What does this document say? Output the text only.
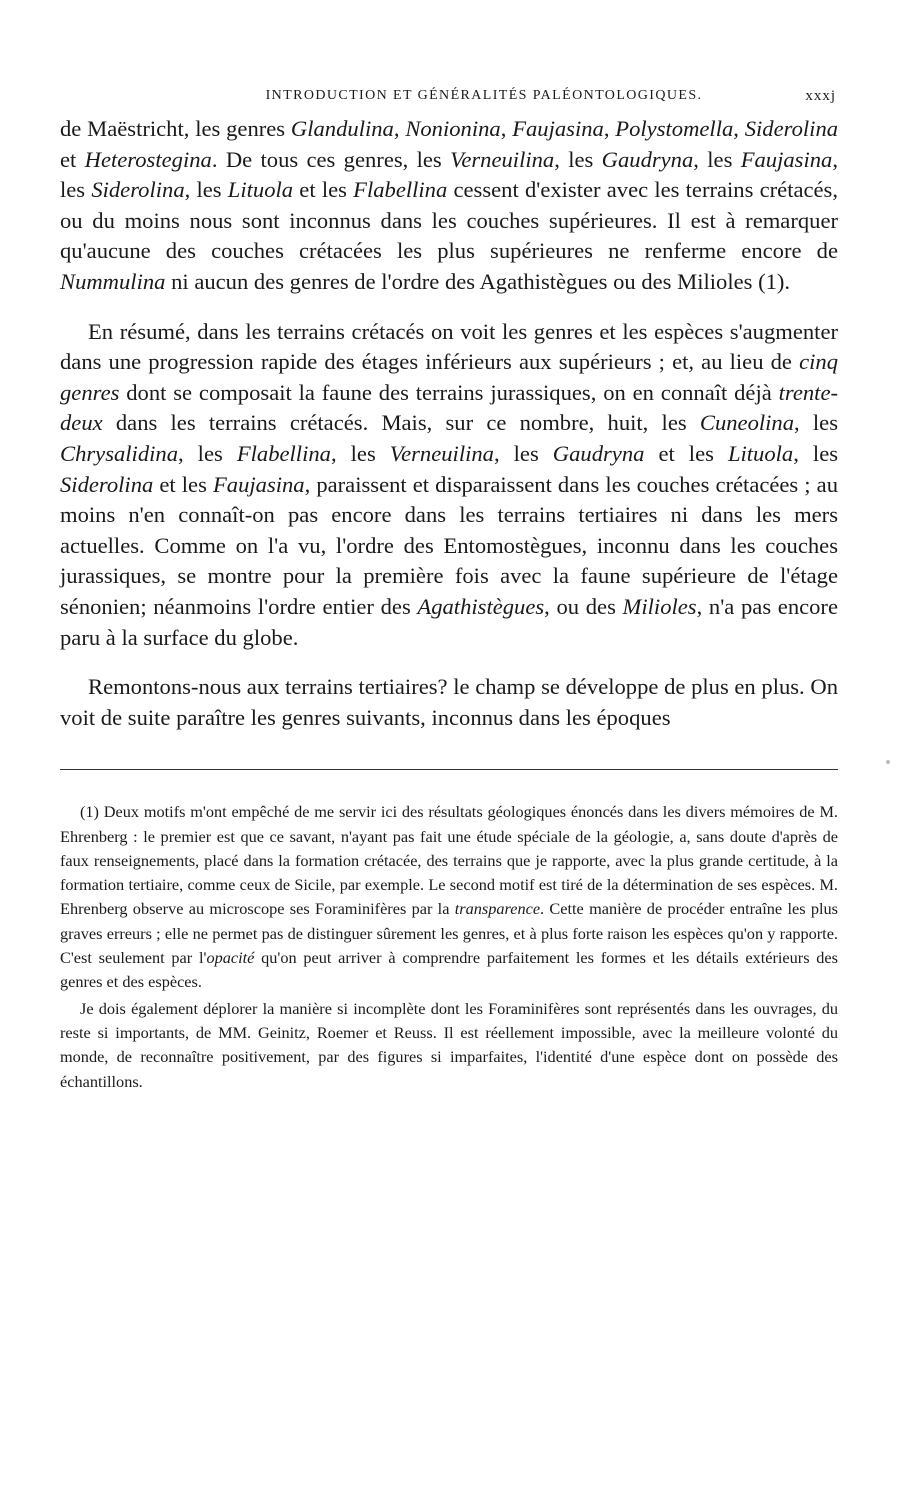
INTRODUCTION ET GÉNÉRALITÉS PALÉONTOLOGIQUES.	xxxj

de Maëstricht, les genres Glandulina, Nonionina, Faujasina, Polystomella, Siderolina et Heterostegina. De tous ces genres, les Verneuilina, les Gaudryna, les Faujasina, les Siderolina, les Lituola et les Flabellina cessent d'exister avec les terrains crétacés, ou du moins nous sont inconnus dans les couches supérieures. Il est à remarquer qu'aucune des couches crétacées les plus supérieures ne renferme encore de Nummulina ni aucun des genres de l'ordre des Agathistègues ou des Milioles (1).

En résumé, dans les terrains crétacés on voit les genres et les espèces s'augmenter dans une progression rapide des étages inférieurs aux supérieurs ; et, au lieu de cinq genres dont se composait la faune des terrains jurassiques, on en connaît déjà trente-deux dans les terrains crétacés. Mais, sur ce nombre, huit, les Cuneolina, les Chrysalidina, les Flabellina, les Verneuilina, les Gaudryna et les Lituola, les Siderolina et les Faujasina, paraissent et disparaissent dans les couches crétacées ; au moins n'en connaît-on pas encore dans les terrains tertiaires ni dans les mers actuelles. Comme on l'a vu, l'ordre des Entomostègues, inconnu dans les couches jurassiques, se montre pour la première fois avec la faune supérieure de l'étage sénonien; néanmoins l'ordre entier des Agathistègues, ou des Milioles, n'a pas encore paru à la surface du globe.

Remontons-nous aux terrains tertiaires? le champ se développe de plus en plus. On voit de suite paraître les genres suivants, inconnus dans les époques

(1) Deux motifs m'ont empêché de me servir ici des résultats géologiques énoncés dans les divers mémoires de M. Ehrenberg : le premier est que ce savant, n'ayant pas fait une étude spéciale de la géologie, a, sans doute d'après de faux renseignements, placé dans la formation crétacée, des terrains que je rapporte, avec la plus grande certitude, à la formation tertiaire, comme ceux de Sicile, par exemple. Le second motif est tiré de la détermination de ses espèces. M. Ehrenberg observe au microscope ses Foraminifères par la transparence. Cette manière de procéder entraîne les plus graves erreurs ; elle ne permet pas de distinguer sûrement les genres, et à plus forte raison les espèces qu'on y rapporte. C'est seulement par l'opacité qu'on peut arriver à comprendre parfaitement les formes et les détails extérieurs des genres et des espèces.

Je dois également déplorer la manière si incomplète dont les Foraminifères sont représentés dans les ouvrages, du reste si importants, de MM. Geinitz, Roemer et Reuss. Il est réellement impossible, avec la meilleure volonté du monde, de reconnaître positivement, par des figures si imparfaites, l'identité d'une espèce dont on possède des échantillons.
